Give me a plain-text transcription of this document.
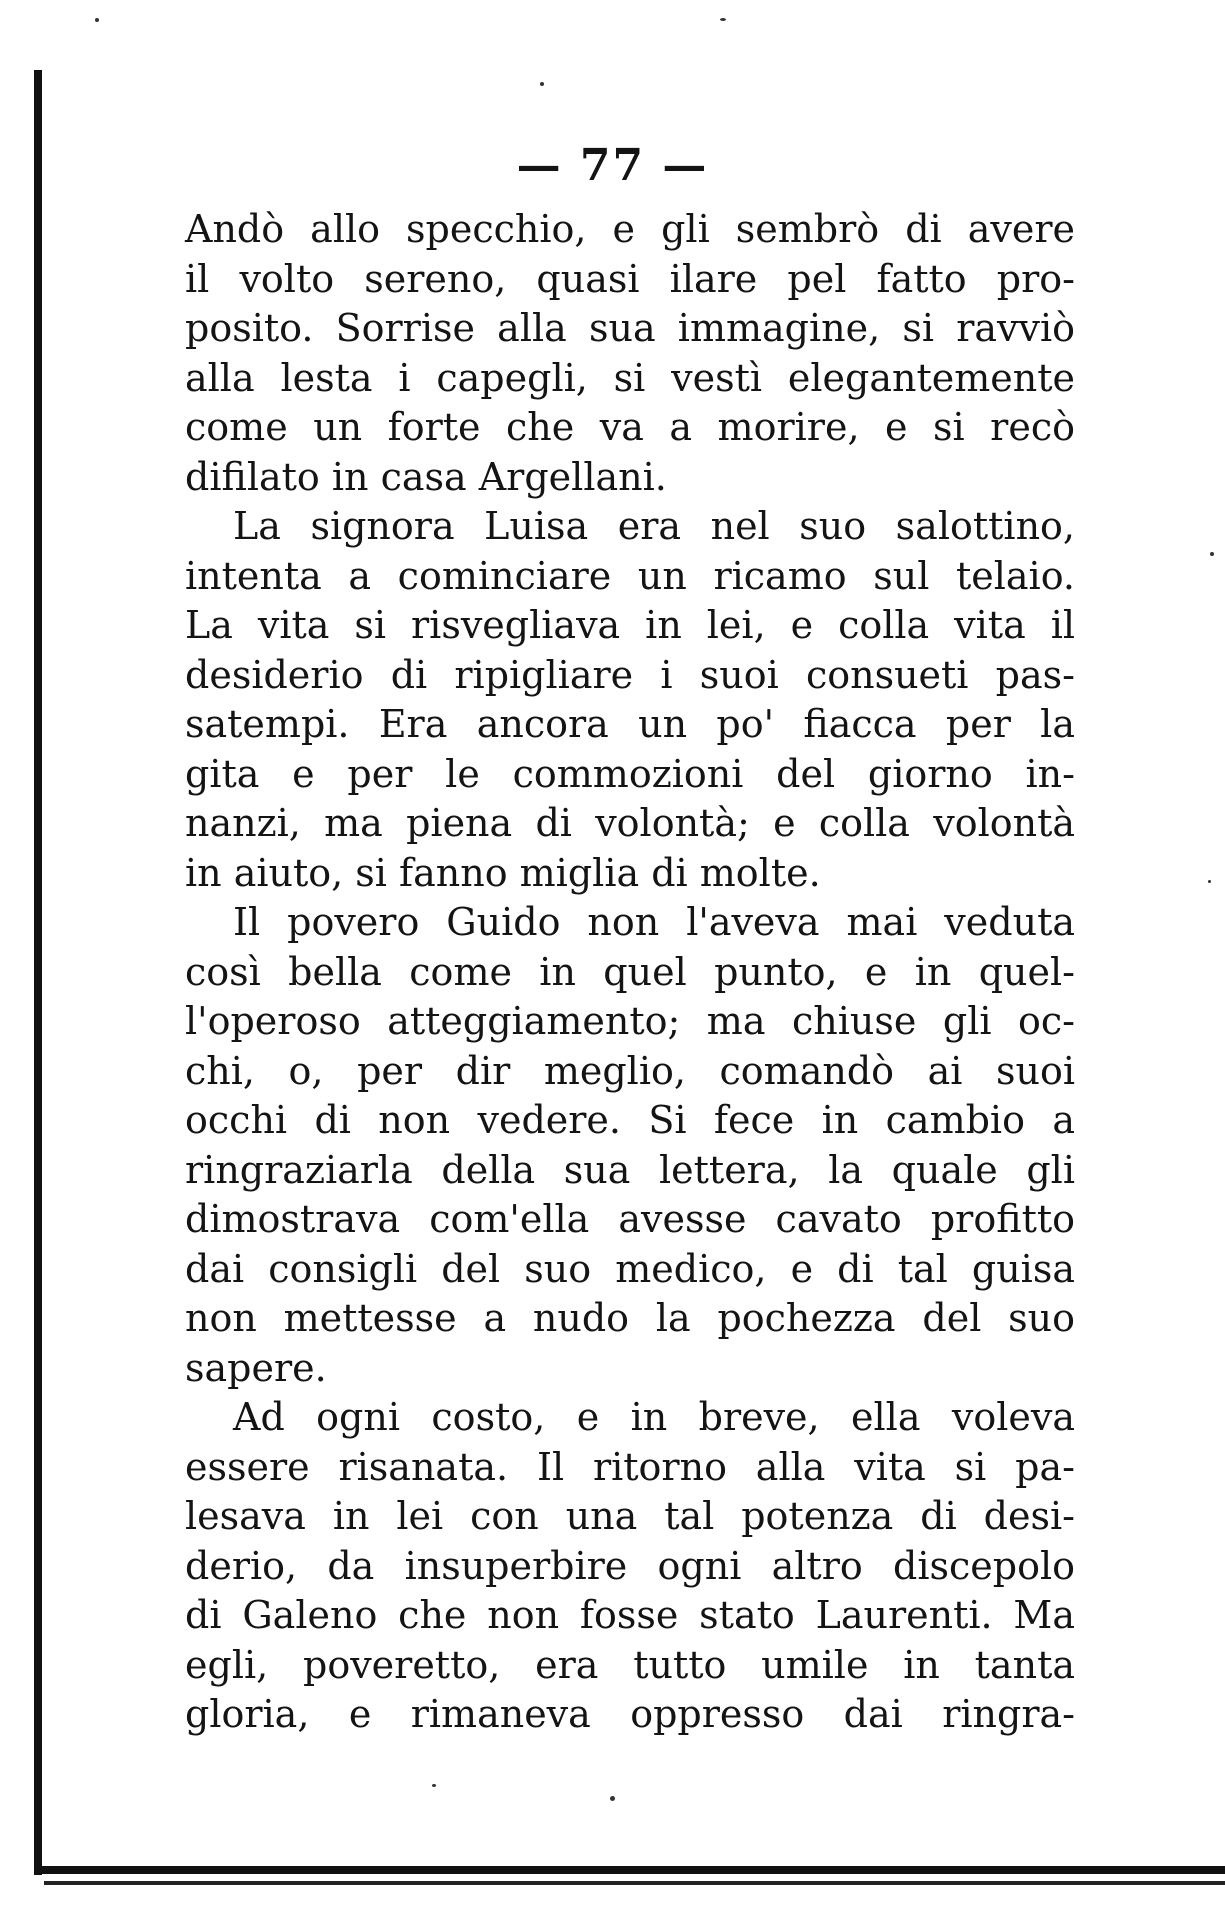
— 77 —
Andò allo specchio, e gli sembrò di avere
il volto sereno, quasi ilare pel fatto pro-
posito. Sorrise alla sua immagine, si ravviò
alla lesta i capegli, si vestì elegantemente
come un forte che va a morire, e si recò
difilato in casa Argellani.
La signora Luisa era nel suo salottino,
intenta a cominciare un ricamo sul telaio.
La vita si risvegliava in lei, e colla vita il
desiderio di ripigliare i suoi consueti pas-
satempi. Era ancora un po' fiacca per la
gita e per le commozioni del giorno in-
nanzi, ma piena di volontà; e colla volontà
in aiuto, si fanno miglia di molte.
Il povero Guido non l'aveva mai veduta
così bella come in quel punto, e in quel-
l'operoso atteggiamento; ma chiuse gli oc-
chi, o, per dir meglio, comandò ai suoi
occhi di non vedere. Si fece in cambio a
ringraziarla della sua lettera, la quale gli
dimostrava com'ella avesse cavato profitto
dai consigli del suo medico, e di tal guisa
non mettesse a nudo la pochezza del suo
sapere.
Ad ogni costo, e in breve, ella voleva
essere risanata. Il ritorno alla vita si pa-
lesava in lei con una tal potenza di desi-
derio, da insuperbire ogni altro discepolo
di Galeno che non fosse stato Laurenti. Ma
egli, poveretto, era tutto umile in tanta
gloria, e rimaneva oppresso dai ringra-
